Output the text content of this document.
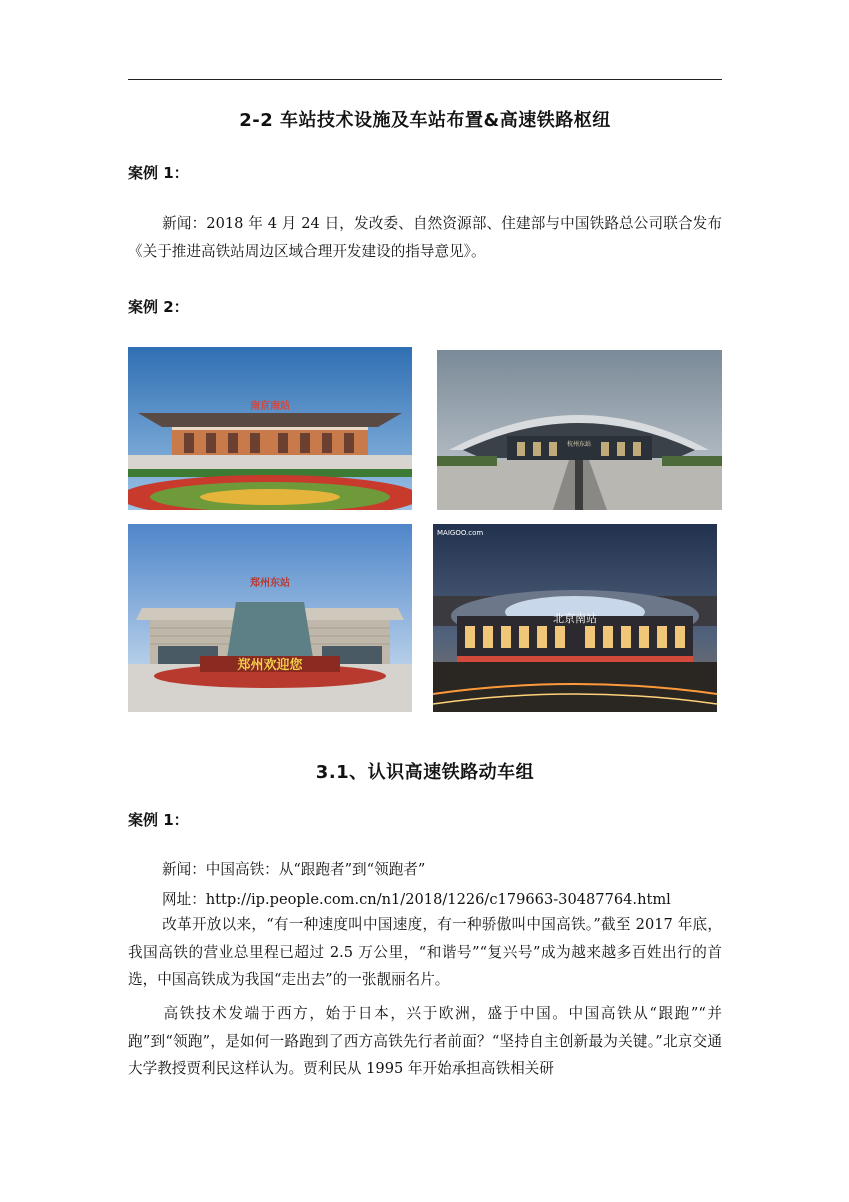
2-2 车站技术设施及车站布置&高速铁路枢纽
案例 1：

新闻：2018 年 4 月 24 日，发改委、自然资源部、住建部与中国铁路总公司联合发布《关于推进高铁站周边区域合理开发建设的指导意见》。

案例 2：
南京南站
杭州东站
郑州欢迎您
郑州东站
北京南站
MAIGOO.com
3.1、认识高速铁路动车组
案例 1：
新闻：中国高铁：从“跟跑者”到“领跑者”
网址：http://ip.people.com.cn/n1/2018/1226/c179663-30487764.html

改革开放以来，“有一种速度叫中国速度，有一种骄傲叫中国高铁。”截至 2017 年底，我国高铁的营业总里程已超过 2.5 万公里，“和谐号”“复兴号”成为越来越多百姓出行的首选，中国高铁成为我国“走出去”的一张靓丽名片。

高铁技术发端于西方，始于日本，兴于欧洲，盛于中国。中国高铁从“跟跑”“并跑”到“领跑”，是如何一路跑到了西方高铁先行者前面？“坚持自主创新最为关键。”北京交通大学教授贾利民这样认为。贾利民从 1995 年开始承担高铁相关研
